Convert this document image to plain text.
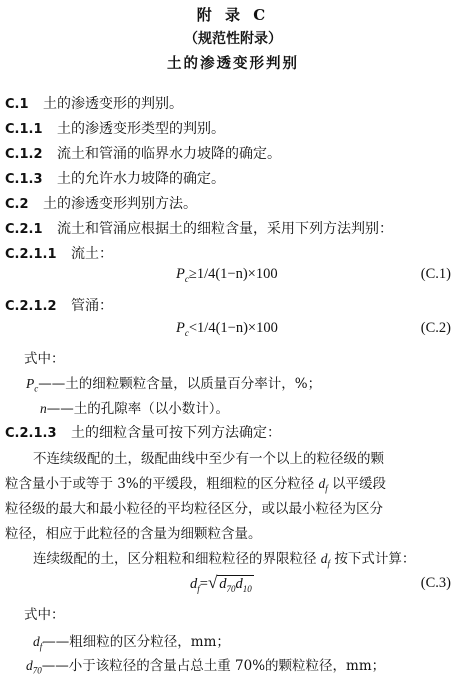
附 录 C
（规范性附录）
土的渗透变形判别
C.1 土的渗透变形的判别。
C.1.1 土的渗透变形类型的判别。
C.1.2 流土和管涌的临界水力坡降的确定。
C.1.3 土的允许水力坡降的确定。
C.2 土的渗透变形判别方法。
C.2.1 流土和管涌应根据土的细粒含量，采用下列方法判别：
C.2.1.1 流土：
$P_c\ge 1/4(1-n)\times 100$	(C.1)
C.2.1.2 管涌：
$P_c<1/4(1-n)\times 100$	(C.2)
式中：
$P_c——$土的细粒颗粒含量，以质量百分率计，%；
n——土的孔隙率（以小数计）。
C.2.1.3 土的细粒含量可按下列方法确定：
不连续级配的土，级配曲线中至少有一个以上的粒径级的颗
粒含量小于或等于 3%的平缓段，粗细粒的区分粒径 $d_f$ 以平缓段
粒径级的最大和最小粒径的平均粒径区分，或以最小粒径为区分
粒径，相应于此粒径的含量为细颗粒含量。
连续级配的土，区分粗粒和细粒粒径的界限粒径 $d_f$ 按下式计算：
$d_f=√$ $d_{70}d_{10}$	(C.3)
式中：
$d_f——$粗细粒的区分粒径，mm；
$d_{70}——$小于该粒径的含量占总土重 70%的颗粒粒径，mm；
